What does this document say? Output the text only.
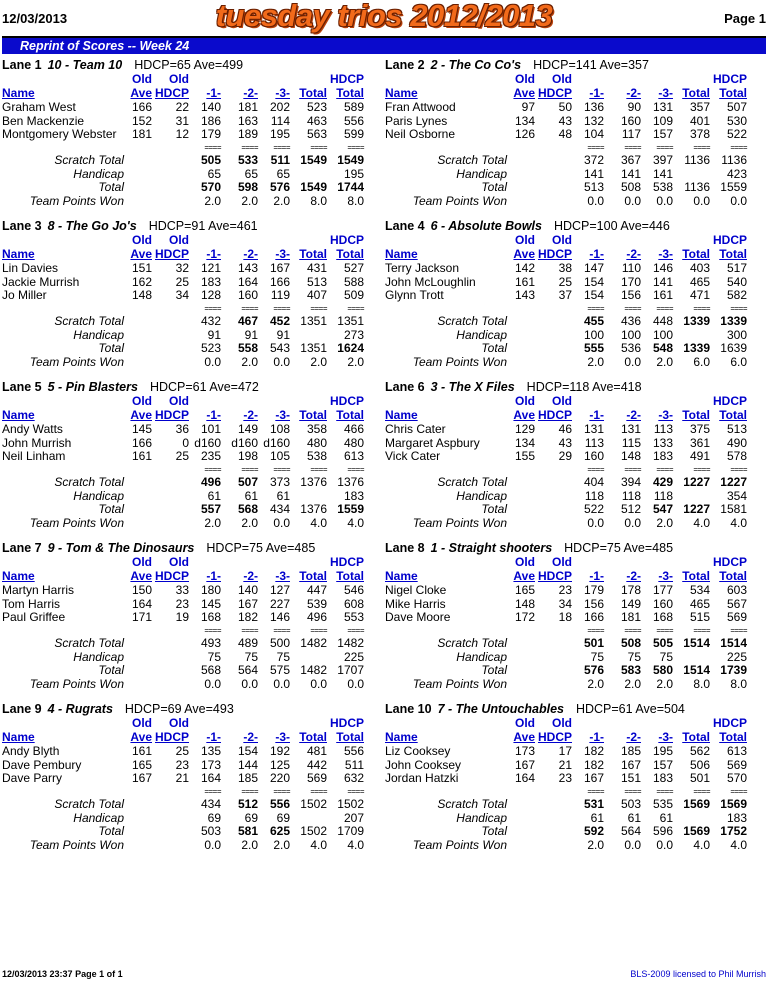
12/03/2013	tuesday trios 2012/2013	Page 1
Reprint of Scores -- Week 24
Lane 1 10 - Team 10 HDCP=65 Ave=499
Old Old	HDCP
Name	Ave HDCP -1- -2- -3- Total Total
Graham West	166 22 140 181 202 523 589
Ben Mackenzie	152 31 186 163 114 463 556
Montgomery Webster 181 12 179 189 195 563 599
====	==== ====	====	====
Scratch Total	505 533 511 1549 1549
Handicap	65 65 65	195
Total	570 598 576 1549 1744
Team Points Won	2.0 2.0 2.0 8.0 8.0
Lane 2 2 - The Co Co's HDCP=141 Ave=357
Old Old	HDCP
Name	Ave HDCP -1- -2- -3- Total Total
Fran Attwood	97 50 136 90 131 357 507
Paris Lynes	134 43 132 160 109 401 530
Neil Osborne	126 48 104 117 157 378 522
====	==== ====	====	====
Scratch Total	372 367 397 1136 1136
Handicap	141 141 141	423
Total	513 508 538 1136 1559
Team Points Won	0.0 0.0 0.0 0.0 0.0
Lane 3 8 - The Go Jo's HDCP=91 Ave=461
Old Old	HDCP
Name	Ave HDCP -1- -2- -3- Total Total
Lin Davies	151 32 121 143 167 431 527
Jackie Murrish	162 25 183 164 166 513 588
Jo Miller	148 34 128 160 119 407 509
====	==== ====	====	====
Scratch Total	432 467 452 1351 1351
Handicap	91 91 91	273
Total	523 558 543 1351 1624
Team Points Won	0.0 2.0 0.0 2.0 2.0
Lane 4 6 - Absolute Bowls HDCP=100 Ave=446
Old Old	HDCP
Name	Ave HDCP -1- -2- -3- Total Total
Terry Jackson	142 38 147 110 146 403 517
John McLoughlin	161 25 154 170 141 465 540
Glynn Trott	143 37 154 156 161 471 582
====	==== ====	====	====
Scratch Total	455 436 448 1339 1339
Handicap	100 100 100	300
Total	555 536 548 1339 1639
Team Points Won	2.0 0.0 2.0 6.0 6.0
Lane 5 5 - Pin Blasters HDCP=61 Ave=472
Old Old	HDCP
Name	Ave HDCP -1- -2- -3- Total Total
Andy Watts	145 36 101 149 108 358 466
John Murrish	166	0 d160 d160 d160 480 480
Neil Linham	161 25 235 198 105 538 613
====	==== ====	====	====
Scratch Total	496 507 373 1376 1376
Handicap	61 61 61	183
Total	557 568 434 1376 1559
Team Points Won	2.0 2.0 0.0 4.0 4.0
Lane 6 3 - The X Files HDCP=118 Ave=418
Old Old	HDCP
Name	Ave HDCP -1- -2- -3- Total Total
Chris Cater	129 46 131 131 113 375 513
Margaret Aspbury	134 43 113 115 133 361 490
Vick Cater	155 29 160 148 183 491 578
====	==== ====	====	====
Scratch Total	404 394 429 1227 1227
Handicap	118 118 118	354
Total	522 512 547 1227 1581
Team Points Won	0.0 0.0 2.0 4.0 4.0
Lane 7 9 - Tom & The Dinosaurs HDCP=75 Ave=485
Old Old	HDCP
Name	Ave HDCP -1- -2- -3- Total Total
Martyn Harris	150 33 180 140 127 447 546
Tom Harris	164 23 145 167 227 539 608
Paul Griffee	171 19 168 182 146 496 553
====	==== ====	====	====
Scratch Total	493 489 500 1482 1482
Handicap	75 75 75	225
Total	568 564 575 1482 1707
Team Points Won	0.0 0.0 0.0 0.0 0.0
Lane 8 1 - Straight shooters HDCP=75 Ave=485
Old Old	HDCP
Name	Ave HDCP -1- -2- -3- Total Total
Nigel Cloke	165 23 179 178 177 534 603
Mike Harris	148 34 156 149 160 465 567
Dave Moore	172 18 166 181 168 515 569
====	==== ====	====	====
Scratch Total	501 508 505 1514 1514
Handicap	75 75 75	225
Total	576 583 580 1514 1739
Team Points Won	2.0 2.0 2.0 8.0 8.0
Lane 9 4 - Rugrats HDCP=69 Ave=493
Old Old	HDCP
Name	Ave HDCP -1- -2- -3- Total Total
Andy Blyth	161 25 135 154 192 481 556
Dave Pembury	165 23 173 144 125 442 511
Dave Parry	167 21 164 185 220 569 632
====	==== ====	====	====
Scratch Total	434 512 556 1502 1502
Handicap	69 69 69	207
Total	503 581 625 1502 1709
Team Points Won	0.0 2.0 2.0 4.0 4.0
Lane 10 7 - The Untouchables HDCP=61 Ave=504
Old Old	HDCP
Name	Ave HDCP -1- -2- -3- Total Total
Liz Cooksey	173 17 182 185 195 562 613
John Cooksey	167 21 182 167 157 506 569
Jordan Hatzki	164 23 167 151 183 501 570
====	==== ====	====	====
Scratch Total	531 503 535 1569 1569
Handicap	61 61 61	183
Total	592 564 596 1569 1752
Team Points Won	2.0 0.0 0.0 4.0 4.0
12/03/2013 23:37 Page 1 of 1	BLS-2009 licensed to Phil Murrish
